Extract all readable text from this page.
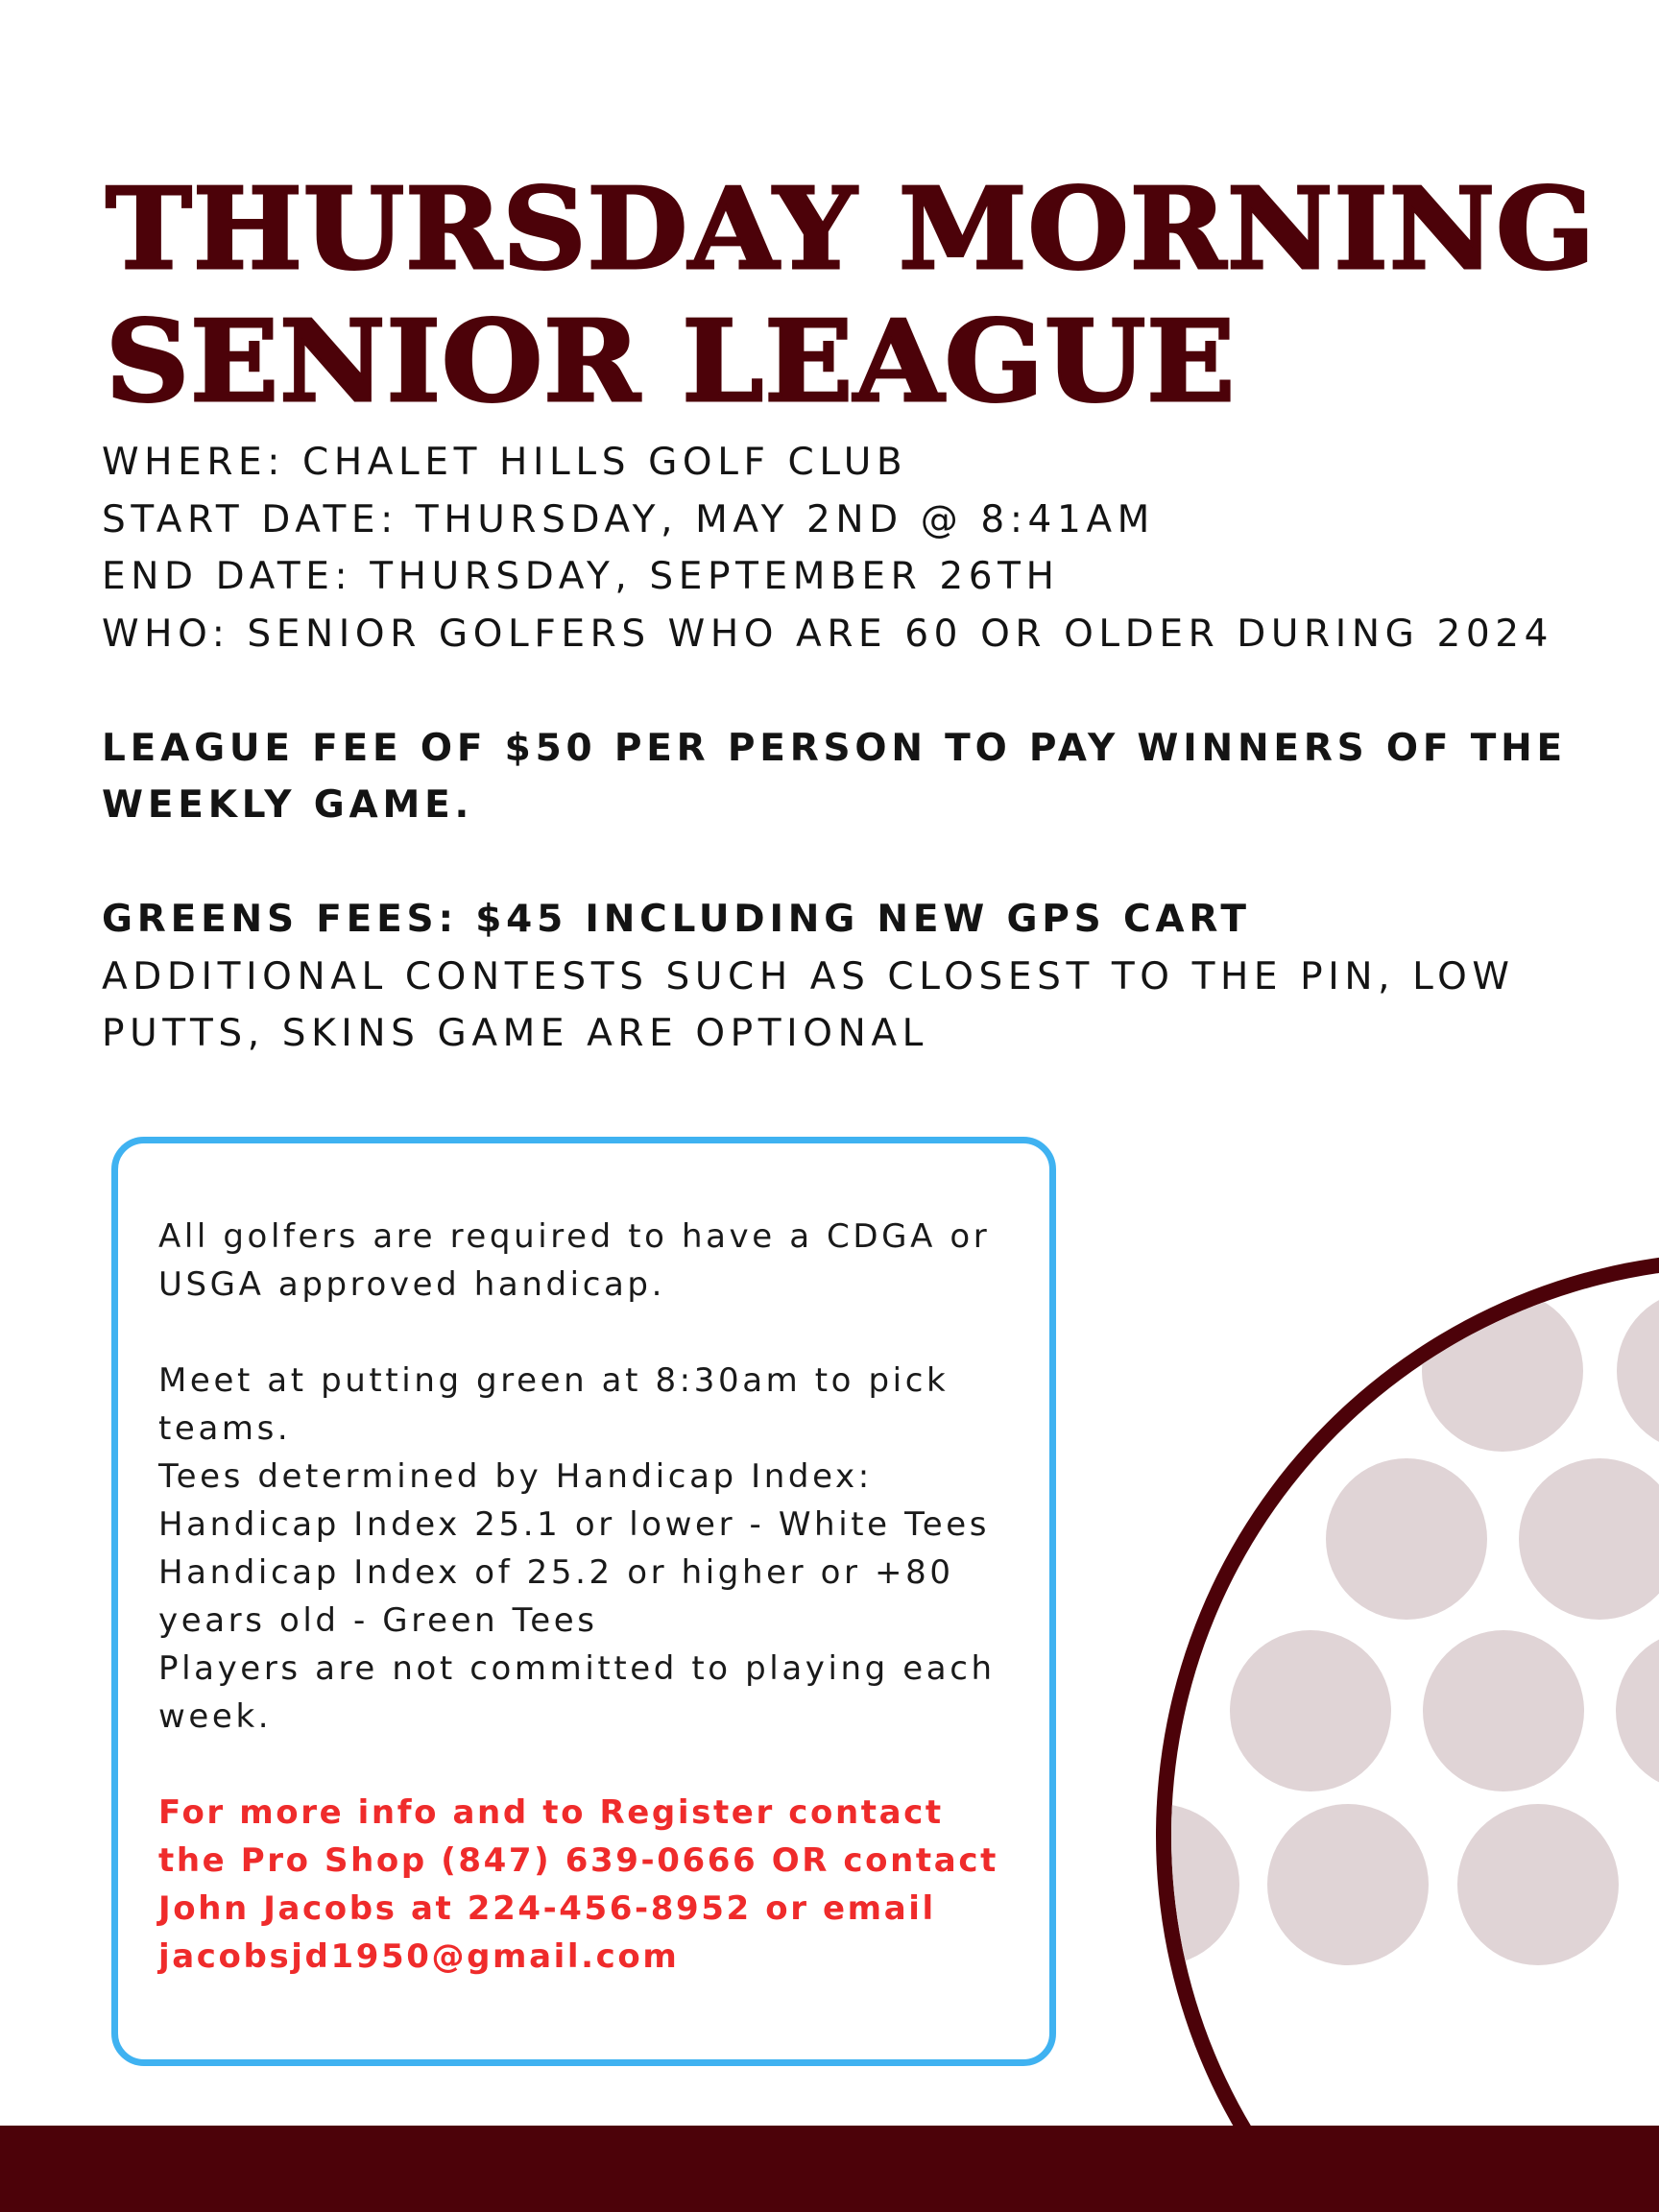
THURSDAY MORNING
SENIOR LEAGUE
WHERE: CHALET HILLS GOLF CLUB
START DATE: THURSDAY, MAY 2ND @ 8:41AM
END DATE: THURSDAY, SEPTEMBER 26TH
WHO: SENIOR GOLFERS WHO ARE 60 OR OLDER DURING 2024
LEAGUE FEE OF $50 PER PERSON TO PAY WINNERS OF THE WEEKLY GAME.
GREENS FEES: $45 INCLUDING NEW GPS CART
ADDITIONAL CONTESTS SUCH AS CLOSEST TO THE PIN, LOW PUTTS, SKINS GAME ARE OPTIONAL

All golfers are required to have a CDGA or USGA approved handicap.

Meet at putting green at 8:30am to pick teams.

Tees determined by Handicap Index:

Handicap Index 25.1 or lower - White Tees

Handicap Index of 25.2 or higher or +80 years old - Green Tees

Players are not committed to playing each week.

For more info and to Register contact the Pro Shop (847) 639-0666 OR contact John Jacobs at 224-456-8952 or email jacobsjd1950@gmail.com
